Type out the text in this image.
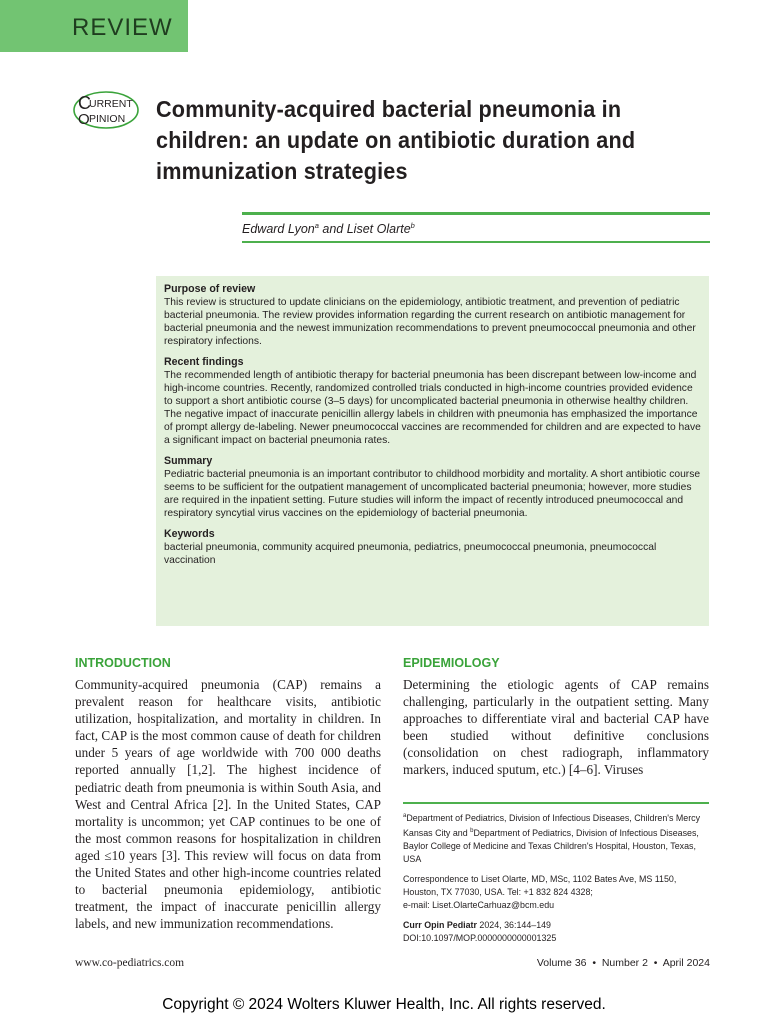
REVIEW
C
URRENT
O PINION Community-acquired bacterial pneumonia in children: an update on antibiotic duration and immunization strategies
Edward Lyon$^a$ and Liset Olarte$^b$
Purpose of review

This review is structured to update clinicians on the epidemiology, antibiotic treatment, and prevention of pediatric bacterial pneumonia. The review provides information regarding the current research on antibiotic management for bacterial pneumonia and the newest immunization recommendations to prevent pneumococcal pneumonia and other respiratory infections.

Recent findings

The recommended length of antibiotic therapy for bacterial pneumonia has been discrepant between low-income and high-income countries. Recently, randomized controlled trials conducted in high-income countries provided evidence to support a short antibiotic course (3–5 days) for uncomplicated bacterial pneumonia in otherwise healthy children. The negative impact of inaccurate penicillin allergy labels in children with pneumonia has emphasized the importance of prompt allergy de-labeling. Newer pneumococcal vaccines are recommended for children and are expected to have a significant impact on bacterial pneumonia rates.

Summary

Pediatric bacterial pneumonia is an important contributor to childhood morbidity and mortality. A short antibiotic course seems to be sufficient for the outpatient management of uncomplicated bacterial pneumonia; however, more studies are required in the inpatient setting. Future studies will inform the impact of recently introduced pneumococcal and respiratory syncytial virus vaccines on the epidemiology of bacterial pneumonia.

Keywords

bacterial pneumonia, community acquired pneumonia, pediatrics, pneumococcal pneumonia, pneumococcal vaccination

INTRODUCTION

Community-acquired pneumonia (CAP) remains a prevalent reason for healthcare visits, antibiotic utilization, hospitalization, and mortality in children. In fact, CAP is the most common cause of death for children under 5 years of age worldwide with 700 000 deaths reported annually [1,2]. The highest incidence of pediatric death from pneumonia is within South Asia, and West and Central Africa [2]. In the United States, CAP mortality is uncommon; yet CAP continues to be one of the most common reasons for hospitalization in children aged ≤10 years [3]. This review will focus on data from the United States and other high-income countries related to bacterial pneumonia epidemiology, antibiotic treatment, the impact of inaccurate penicillin allergy labels, and new immunization recommendations.

EPIDEMIOLOGY

Determining the etiologic agents of CAP remains challenging, particularly in the outpatient setting. Many approaches to differentiate viral and bacterial CAP have been studied without definitive conclusions (consolidation on chest radiograph, inflammatory markers, induced sputum, etc.) [4–6]. Viruses

$^a$Department of Pediatrics, Division of Infectious Diseases, Children's Mercy Kansas City and $^b$Department of Pediatrics, Division of Infectious Diseases, Baylor College of Medicine and Texas Children's Hospital, Houston, Texas, USA

Correspondence to Liset Olarte, MD, MSc, 1102 Bates Ave, MS 1150, Houston, TX 77030, USA. Tel: +1 832 824 4328;
e-mail: Liset.OlarteCarhuaz@bcm.edu

Curr Opin Pediatr 2024, 36:144–149
DOI:10.1097/MOP.0000000000001325

www.co-pediatrics.com	Volume 36  •  Number 2  •  April 2024
Copyright © 2024 Wolters Kluwer Health, Inc. All rights reserved.
